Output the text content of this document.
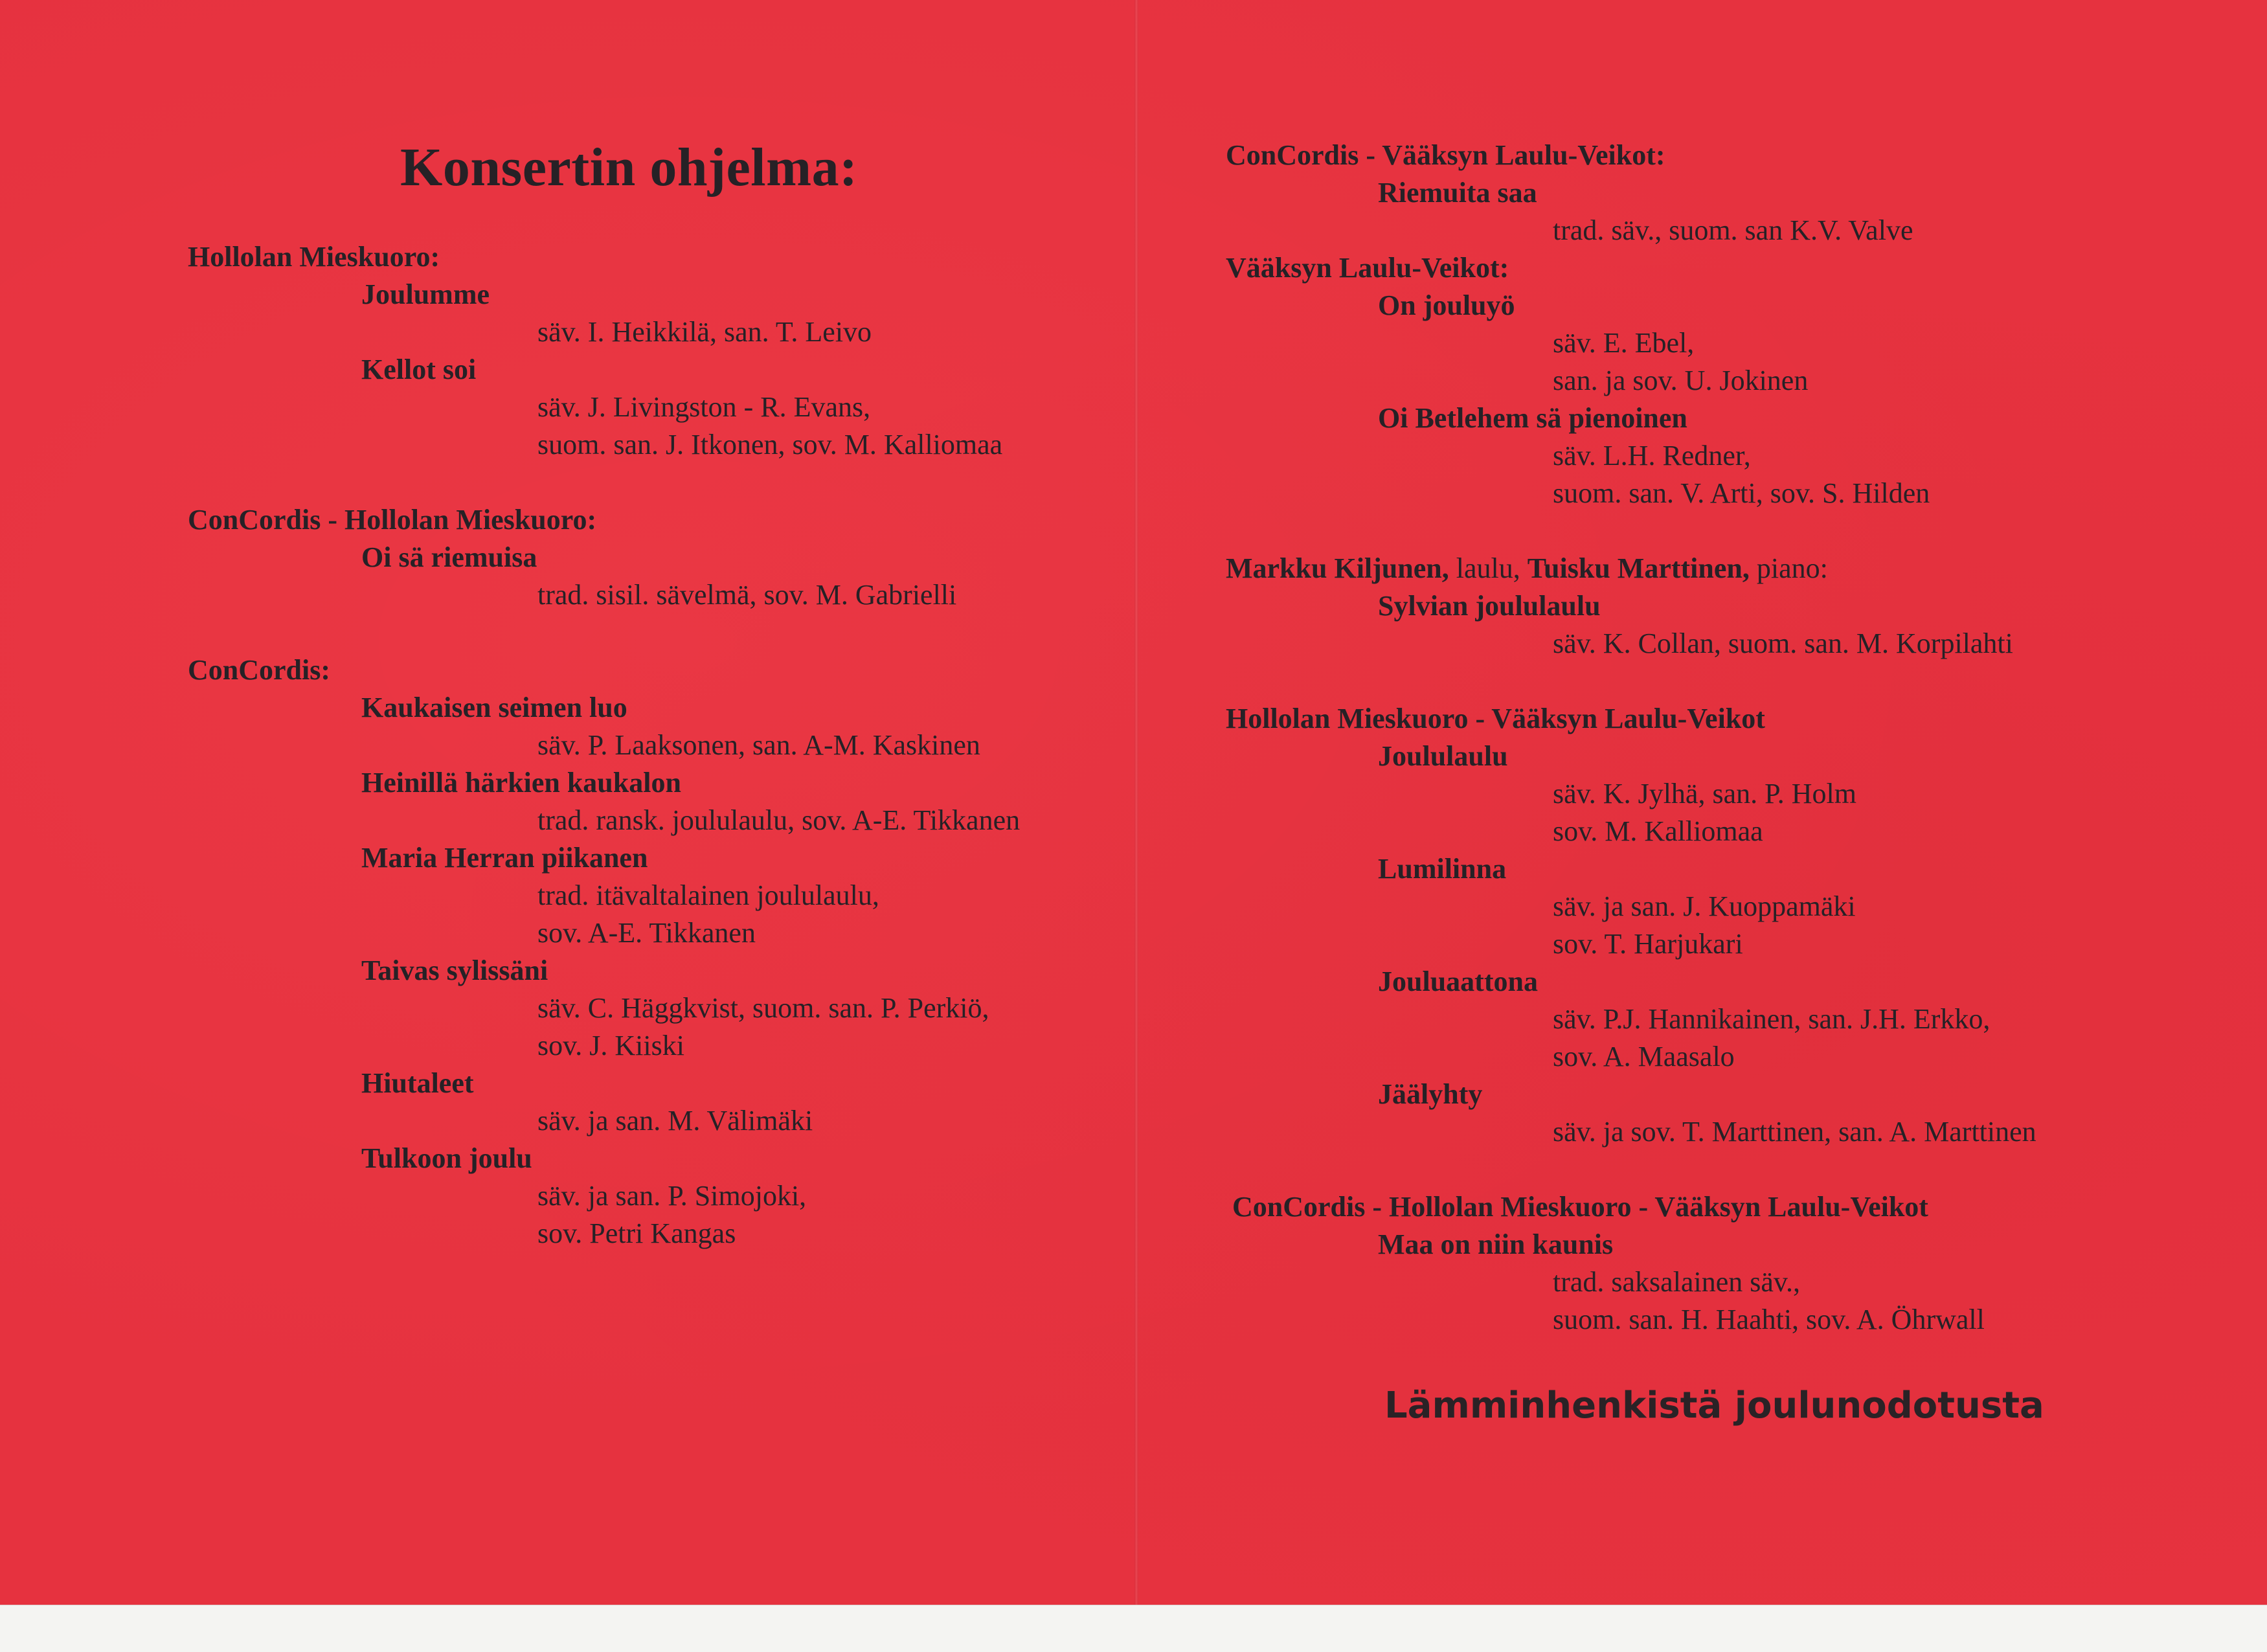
Konsertin ohjelma:
Hollolan Mieskuoro:
Joulumme
säv. I. Heikkilä, san. T. Leivo
Kellot soi
säv. J. Livingston - R. Evans,
suom. san. J. Itkonen, sov. M. Kalliomaa
ConCordis - Hollolan Mieskuoro:
Oi sä riemuisa
trad. sisil. sävelmä, sov. M. Gabrielli
ConCordis:
Kaukaisen seimen luo
säv. P. Laaksonen, san. A-M. Kaskinen
Heinillä härkien kaukalon
trad. ransk. joululaulu, sov. A-E. Tikkanen
Maria Herran piikanen
trad. itävaltalainen joululaulu,
sov. A-E. Tikkanen
Taivas sylissäni
säv. C. Häggkvist, suom. san. P. Perkiö,
sov. J. Kiiski
Hiutaleet
säv. ja san. M. Välimäki
Tulkoon joulu
säv. ja san. P. Simojoki,
sov. Petri Kangas
ConCordis - Vääksyn Laulu-Veikot:
Riemuita saa
trad. säv., suom. san K.V. Valve
Vääksyn Laulu-Veikot:
On jouluyö
säv. E. Ebel,
san. ja sov. U. Jokinen
Oi Betlehem sä pienoinen
säv. L.H. Redner,
suom. san. V. Arti, sov. S. Hilden
Markku Kiljunen, laulu, Tuisku Marttinen, piano:
Sylvian joululaulu
säv. K. Collan, suom. san. M. Korpilahti
Hollolan Mieskuoro - Vääksyn Laulu-Veikot
Joululaulu
säv. K. Jylhä, san. P. Holm
sov. M. Kalliomaa
Lumilinna
säv. ja san. J. Kuoppamäki
sov. T. Harjukari
Jouluaattona
säv. P.J. Hannikainen, san. J.H. Erkko,
sov. A. Maasalo
Jäälyhty
säv. ja sov. T. Marttinen, san. A. Marttinen
ConCordis - Hollolan Mieskuoro - Vääksyn Laulu-Veikot
Maa on niin kaunis
trad. saksalainen säv.,
suom. san. H. Haahti, sov. A. Öhrwall

Lämminhenkistä joulunodotusta
